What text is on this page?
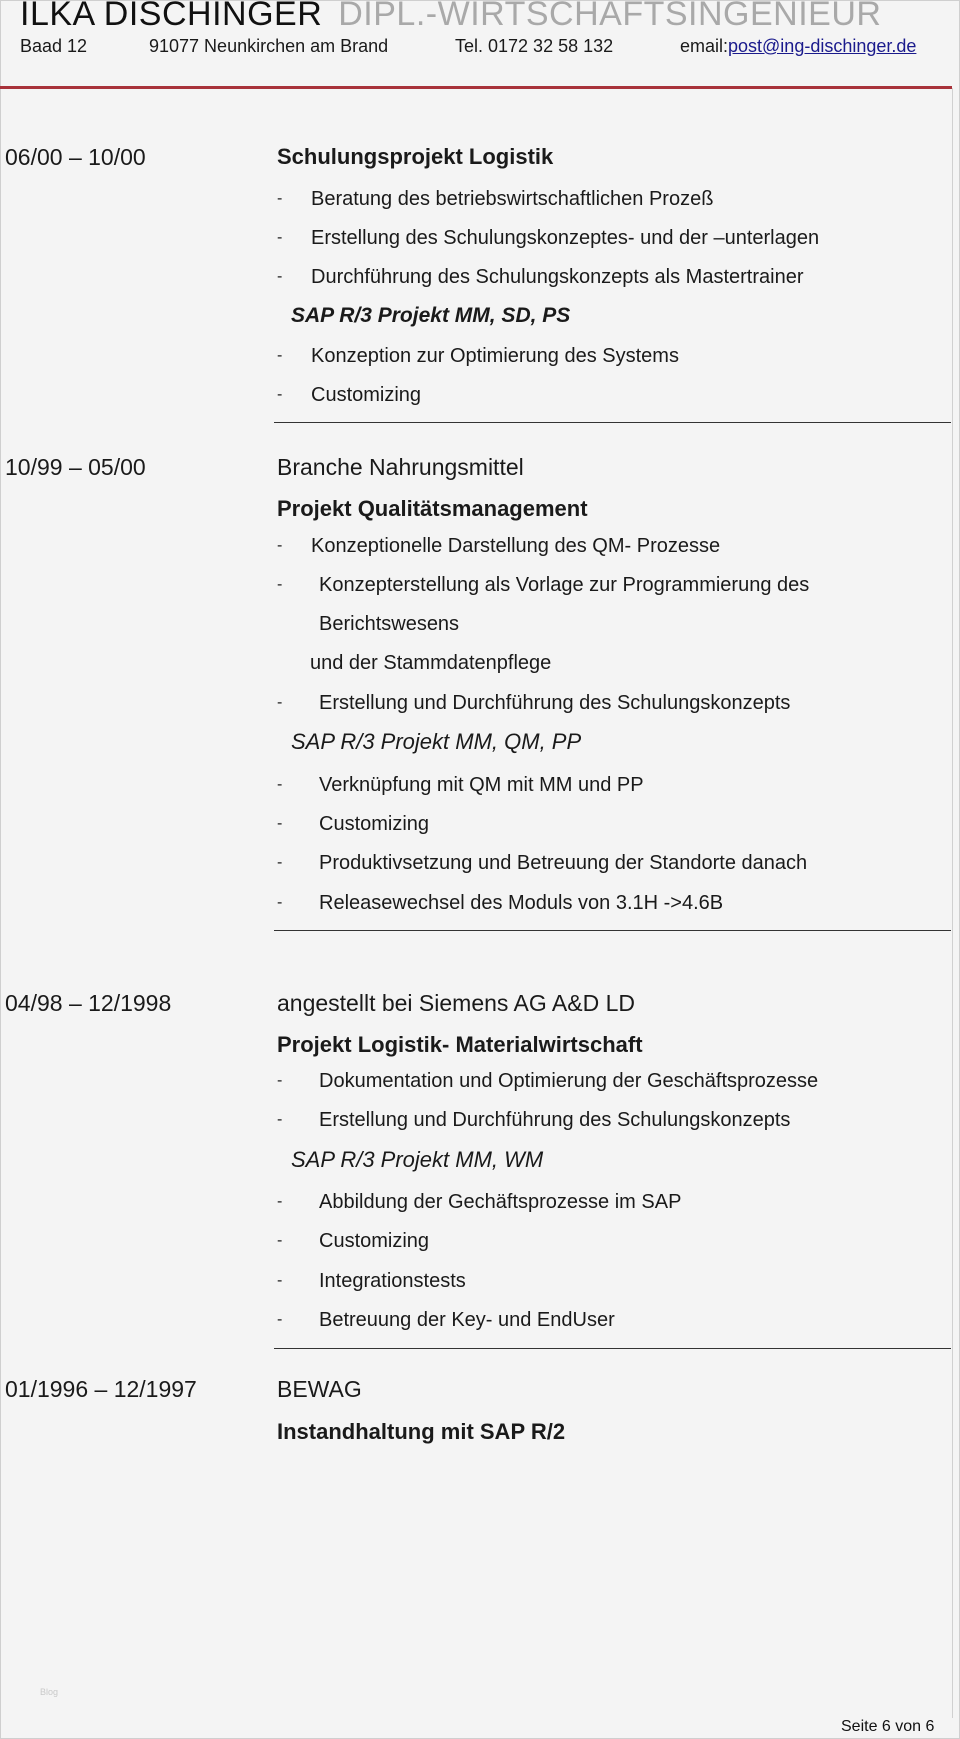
ILKA DISCHINGER DIPL.-WIRTSCHAFTSINGENIEUR
Baad 12	91077 Neunkirchen am Brand	Tel. 0172 32 58 132	email:post@ing-dischinger.de
06/00 – 10/00	Schulungsprojekt Logistik
- Beratung des betriebswirtschaftlichen Prozeß
- Erstellung des Schulungskonzeptes- und der –unterlagen
- Durchführung des Schulungskonzepts als Mastertrainer
SAP R/3 Projekt MM, SD, PS
- Konzeption zur Optimierung des Systems
- Customizing
10/99 – 05/00	Branche Nahrungsmittel
Projekt Qualitätsmanagement
- Konzeptionelle Darstellung des QM- Prozesse
- Konzepterstellung als Vorlage zur Programmierung des
Berichtswesens
und der Stammdatenpflege
- Erstellung und Durchführung des Schulungskonzepts
SAP R/3 Projekt MM, QM, PP
- Verknüpfung mit QM mit MM und PP
- Customizing
- Produktivsetzung und Betreuung der Standorte danach
- Releasewechsel des Moduls von 3.1H ->4.6B
04/98 – 12/1998	angestellt bei Siemens AG A&D LD
Projekt Logistik- Materialwirtschaft
- Dokumentation und Optimierung der Geschäftsprozesse
- Erstellung und Durchführung des Schulungskonzepts
SAP R/3 Projekt MM, WM
- Abbildung der Gechäftsprozesse im SAP
- Customizing
- Integrationstests
- Betreuung der Key- und EndUser
01/1996 – 12/1997	BEWAG
Instandhaltung mit SAP R/2
Blog
Seite 6 von 6
